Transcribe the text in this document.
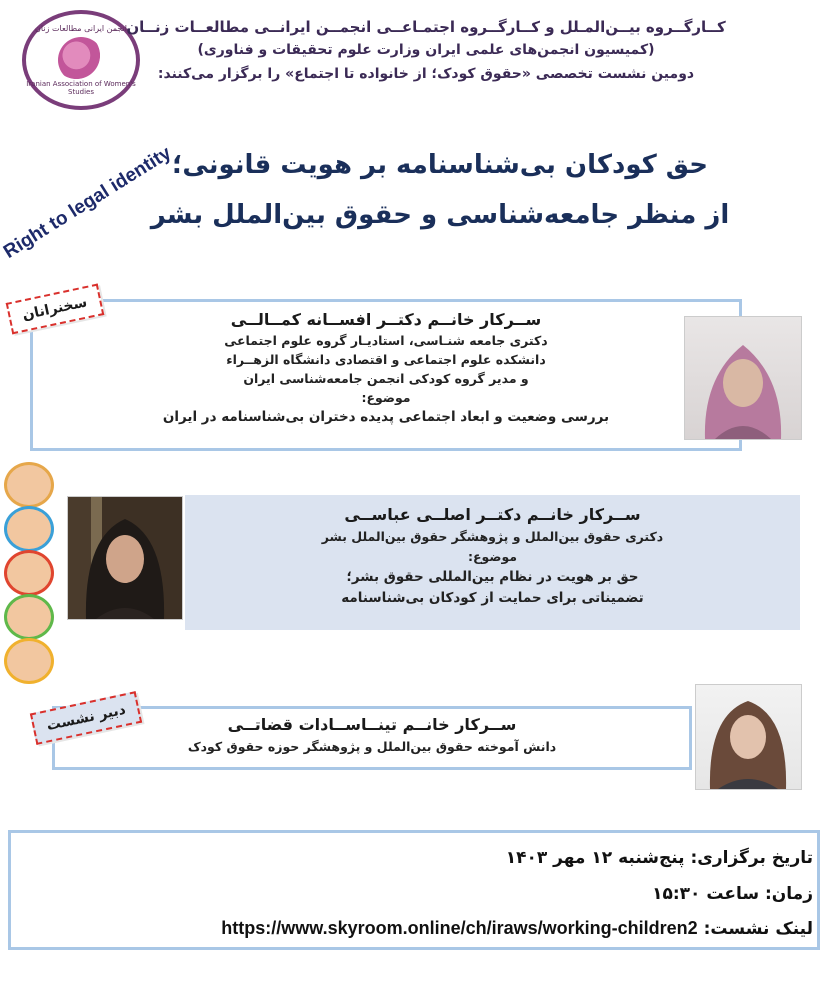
انجمن ایرانی مطالعات زنان
Iranian Association of Women's Studies
کــارگــروه بیــن‌المـلل و کــارگــروه اجتمـاعــی انجمــن ایرانــی مطالعــات زنــان
(کمیسیون انجمن‌های علمی ایران وزارت علوم تحقیقات و فناوری)
دومین نشست تخصصی «حقوق کودک؛ از خانواده تا اجتماع» را برگزار می‌کنند:
Right to legal identity
حق کودکان بی‌شناسنامه بر هویت قانونی؛
از منظر جامعه‌شناسی و حقوق بین‌الملل بشر
ســرکار خانــم دکتــر افســانه کمــالــی
دکتری جامعه شنـاسی، استادیـار گروه علوم اجتماعی
دانشکده علوم اجتماعی و اقتصادی دانشگاه الزهــراء
و مدیر گروه کودکی انجمن جامعه‌شناسی ایران
موضوع:
بررسی وضعیت و ابعاد اجتماعی پدیده دختران بی‌شناسنامه در ایران
سخنرانان
ســرکار خانــم دکتــر اصلــی عباســی
دکتری حقوق بین‌الملل و پژوهشگر حقوق بین‌الملل بشر
موضوع:
حق بر هویت در نظام بین‌المللی حقوق بشر؛
تضمیناتی برای حمایت از کودکان بی‌شناسنامه
ســرکار خانــم تینــاســادات قضاتــی
دانش آموخته حقوق بین‌الملل و پژوهشگر حوزه حقوق کودک
دبیر نشست
تاریخ برگزاری: پنج‌شنبه ۱۲ مهر ۱۴۰۳
زمان: ساعت ۱۵:۳۰
لینک نشست: https://www.skyroom.online/ch/iraws/working-children2
